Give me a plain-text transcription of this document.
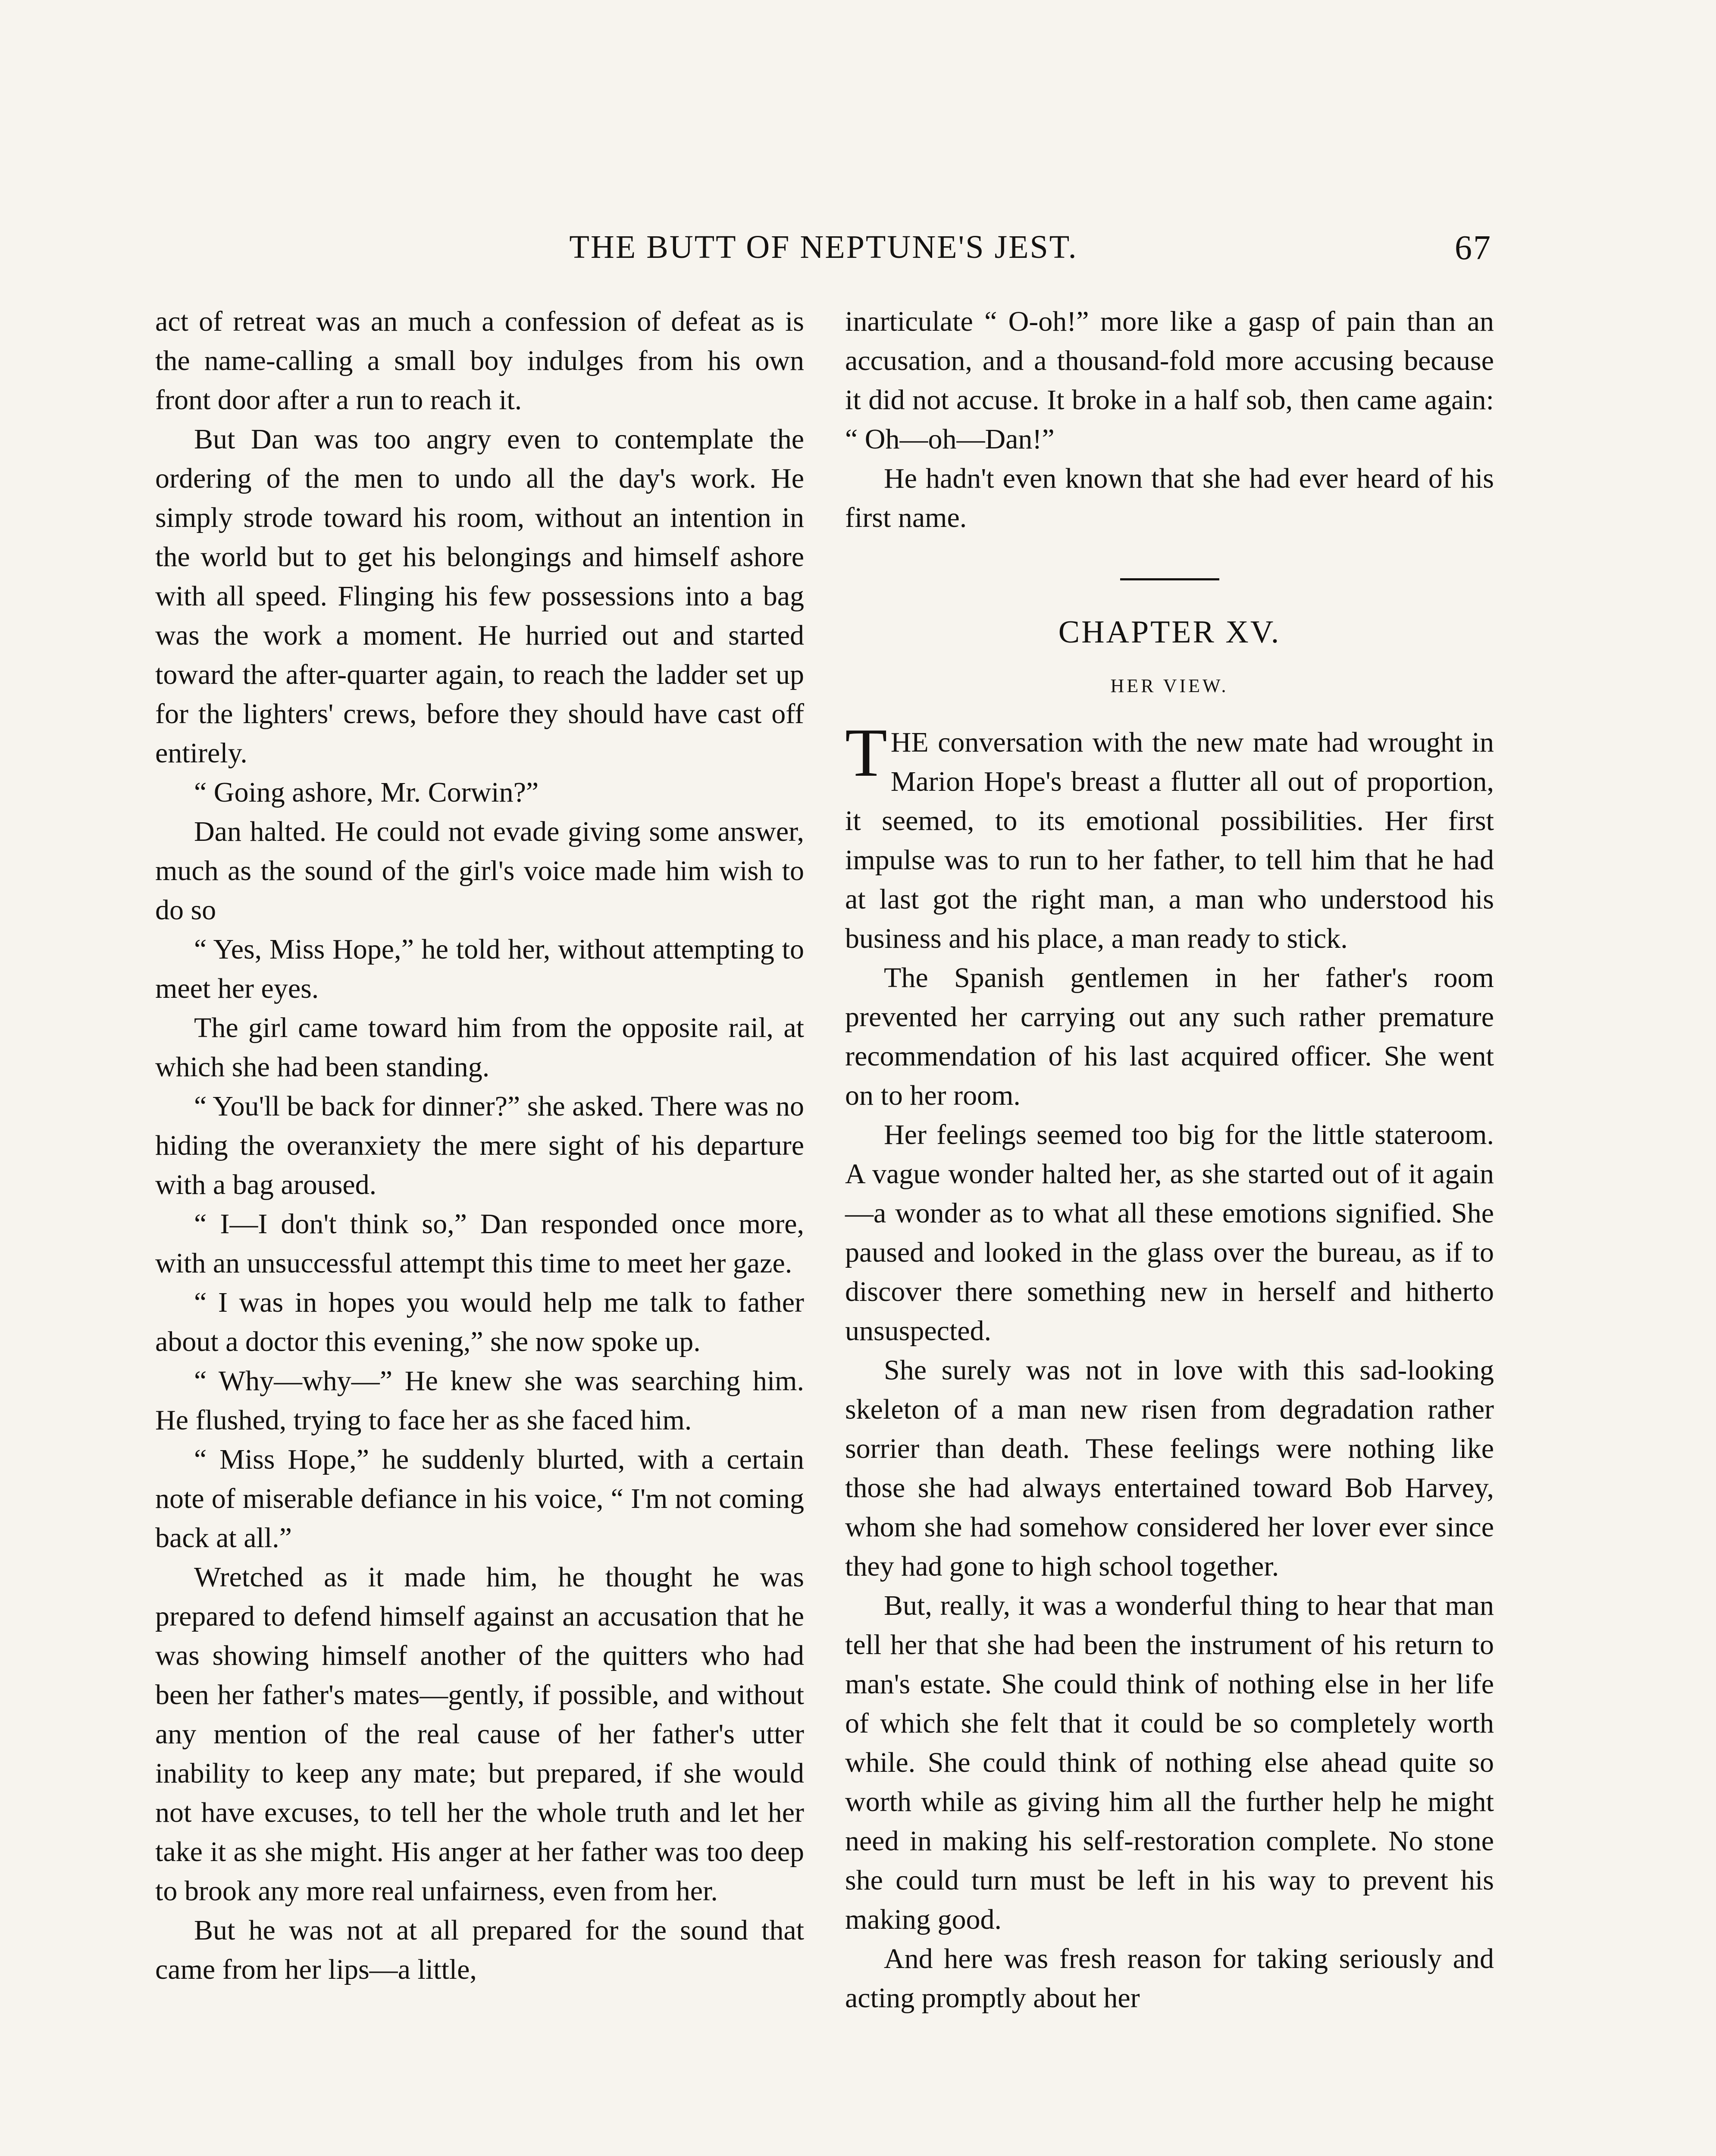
THE BUTT OF NEPTUNE'S JEST.	67

act of retreat was an much a confession of defeat as is the name-calling a small boy indulges from his own front door after a run to reach it.

But Dan was too angry even to contemplate the ordering of the men to undo all the day's work. He simply strode toward his room, without an intention in the world but to get his belongings and himself ashore with all speed. Flinging his few possessions into a bag was the work a moment. He hurried out and started toward the after-quarter again, to reach the ladder set up for the lighters' crews, before they should have cast off entirely.

“ Going ashore, Mr. Corwin?”

Dan halted. He could not evade giving some answer, much as the sound of the girl's voice made him wish to do so

“ Yes, Miss Hope,” he told her, without attempting to meet her eyes.

The girl came toward him from the opposite rail, at which she had been standing.

“ You'll be back for dinner?” she asked. There was no hiding the overanxiety the mere sight of his departure with a bag aroused.

“ I—I don't think so,” Dan responded once more, with an unsuccessful attempt this time to meet her gaze.

“ I was in hopes you would help me talk to father about a doctor this evening,” she now spoke up.

“ Why—why—” He knew she was searching him. He flushed, trying to face her as she faced him.

“ Miss Hope,” he suddenly blurted, with a certain note of miserable defiance in his voice, “ I'm not coming back at all.”

Wretched as it made him, he thought he was prepared to defend himself against an accusation that he was showing himself another of the quitters who had been her father's mates—gently, if possible, and without any mention of the real cause of her father's utter inability to keep any mate; but prepared, if she would not have excuses, to tell her the whole truth and let her take it as she might. His anger at her father was too deep to brook any more real unfairness, even from her.

But he was not at all prepared for the sound that came from her lips—a little,

inarticulate “ O-oh!” more like a gasp of pain than an accusation, and a thousand-fold more accusing because it did not accuse. It broke in a half sob, then came again: “ Oh—oh—Dan!”

He hadn't even known that she had ever heard of his first name.

CHAPTER XV.
HER VIEW.

THE conversation with the new mate had wrought in Marion Hope's breast a flutter all out of proportion, it seemed, to its emotional possibilities. Her first impulse was to run to her father, to tell him that he had at last got the right man, a man who understood his business and his place, a man ready to stick.

The Spanish gentlemen in her father's room prevented her carrying out any such rather premature recommendation of his last acquired officer. She went on to her room.

Her feelings seemed too big for the little stateroom. A vague wonder halted her, as she started out of it again—a wonder as to what all these emotions signified. She paused and looked in the glass over the bureau, as if to discover there something new in herself and hitherto unsuspected.

She surely was not in love with this sad-looking skeleton of a man new risen from degradation rather sorrier than death. These feelings were nothing like those she had always entertained toward Bob Harvey, whom she had somehow considered her lover ever since they had gone to high school together.

But, really, it was a wonderful thing to hear that man tell her that she had been the instrument of his return to man's estate. She could think of nothing else in her life of which she felt that it could be so completely worth while. She could think of nothing else ahead quite so worth while as giving him all the further help he might need in making his self-restoration complete. No stone she could turn must be left in his way to prevent his making good.

And here was fresh reason for taking seriously and acting promptly about her
